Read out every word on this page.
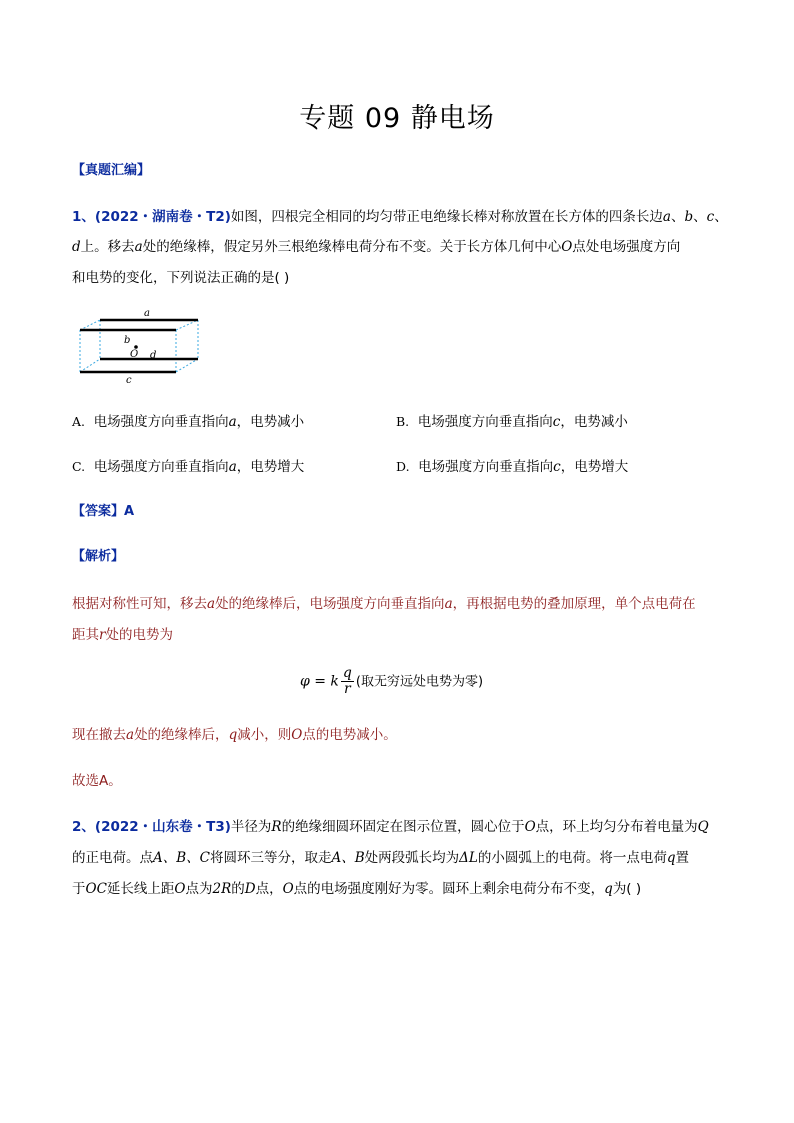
专题 09 静电场
【真题汇编】
1、(2022・湖南卷・T2)如图，四根完全相同的均匀带正电绝缘长棒对称放置在长方体的四条长边a、b、c、
d上。移去a处的绝缘棒，假定另外三根绝缘棒电荷分布不变。关于长方体几何中心O点处电场强度方向
和电势的变化，下列说法正确的是( )
a
b
O d
c
A. 电场强度方向垂直指向a，电势减小	B. 电场强度方向垂直指向c，电势减小
C. 电场强度方向垂直指向a，电势增大	D. 电场强度方向垂直指向c，电势增大
【答案】A
【解析】
根据对称性可知，移去a处的绝缘棒后，电场强度方向垂直指向a，再根据电势的叠加原理，单个点电荷在
距其r处的电势为
φ = k $\frac{q}{r}$ (取无穷远处电势为零)
现在撤去a处的绝缘棒后，q减小，则O点的电势减小。
故选A。
2、(2022・山东卷・T3)半径为R的绝缘细圆环固定在图示位置，圆心位于O点，环上均匀分布着电量为Q
的正电荷。点A、B、C将圆环三等分，取走A、B处两段弧长均为ΔL的小圆弧上的电荷。将一点电荷q置
于OC延长线上距O点为2R的D点，O点的电场强度刚好为零。圆环上剩余电荷分布不变，q为( )
